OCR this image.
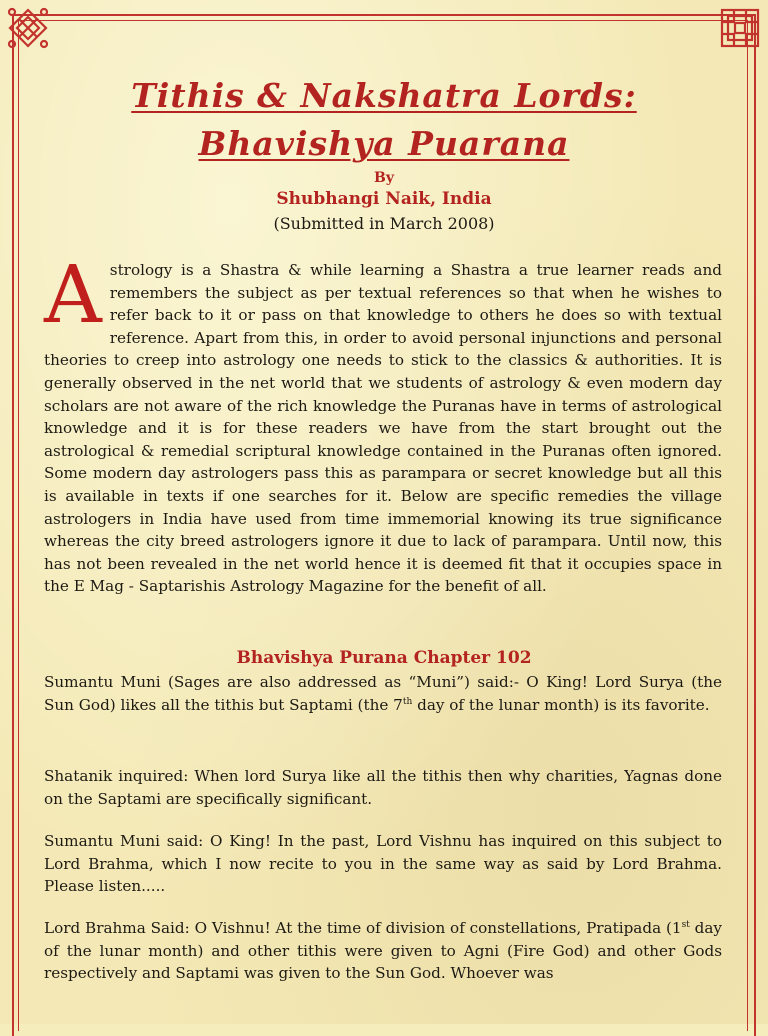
Tithis & Nakshatra Lords:
Bhavishya Puarana

By

Shubhangi Naik, India

(Submitted in March 2008)

Astrology is a Shastra & while learning a Shastra a true learner reads and remembers the subject as per textual references so that when he wishes to refer back to it or pass on that knowledge to others he does so with textual reference. Apart from this, in order to avoid personal injunctions and personal theories to creep into astrology one needs to stick to the classics & authorities. It is generally observed in the net world that we students of astrology & even modern day scholars are not aware of the rich knowledge the Puranas have in terms of astrological knowledge and it is for these readers we have from the start brought out the astrological & remedial scriptural knowledge contained in the Puranas often ignored. Some modern day astrologers pass this as parampara or secret knowledge but all this is available in texts if one searches for it. Below are specific remedies the village astrologers in India have used from time immemorial knowing its true significance whereas the city breed astrologers ignore it due to lack of parampara. Until now, this has not been revealed in the net world hence it is deemed fit that it occupies space in the E Mag - Saptarishis Astrology Magazine for the benefit of all.

Bhavishya Purana Chapter 102

Sumantu Muni (Sages are also addressed as “Muni”) said:- O King! Lord Surya (the Sun God) likes all the tithis but Saptami (the 7th day of the lunar month) is its favorite.

Shatanik inquired: When lord Surya like all the tithis then why charities, Yagnas done on the Saptami are specifically significant.

Sumantu Muni said: O King! In the past, Lord Vishnu has inquired on this subject to Lord Brahma, which I now recite to you in the same way as said by Lord Brahma. Please listen.....

Lord Brahma Said: O Vishnu! At the time of division of constellations, Pratipada (1st day of the lunar month) and other tithis were given to Agni (Fire God) and other Gods respectively and Saptami was given to the Sun God. Whoever was
